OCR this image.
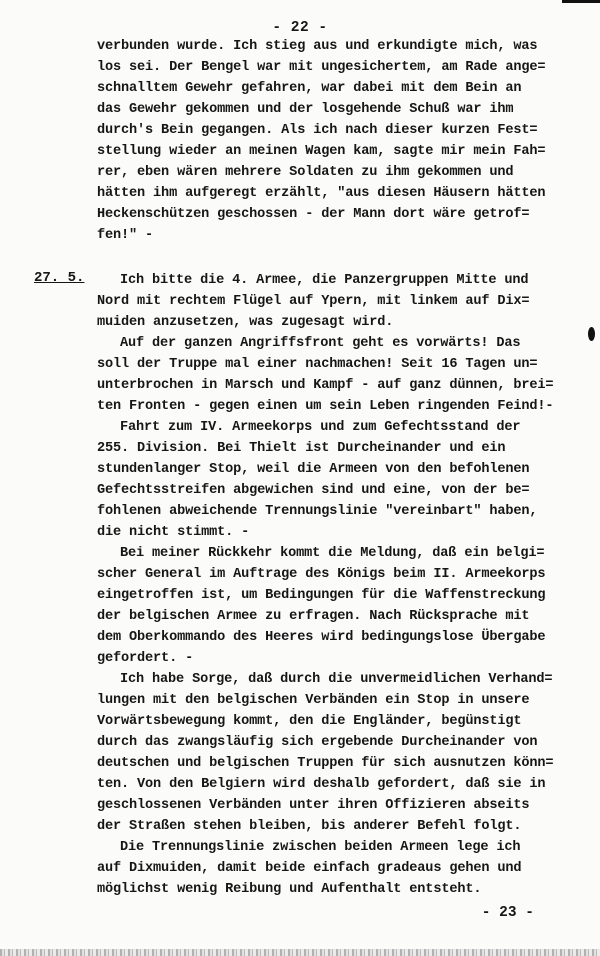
- 22 -
verbunden wurde. Ich stieg aus und erkundigte mich, was
los sei. Der Bengel war mit ungesichertem, am Rade ange=
schnalltem Gewehr gefahren, war dabei mit dem Bein an
das Gewehr gekommen und der losgehende Schuß war ihm
durch's Bein gegangen. Als ich nach dieser kurzen Fest=
stellung wieder an meinen Wagen kam, sagte mir mein Fah=
rer, eben wären mehrere Soldaten zu ihm gekommen und
hätten ihm aufgeregt erzählt, "aus diesen Häusern hätten
Heckenschützen geschossen - der Mann dort wäre getrof=
fen!" -
27. 5.	Ich bitte die 4. Armee, die Panzergruppen Mitte und
Nord mit rechtem Flügel auf Ypern, mit linkem auf Dix=
muiden anzusetzen, was zugesagt wird.
Auf der ganzen Angriffsfront geht es vorwärts! Das
soll der Truppe mal einer nachmachen! Seit 16 Tagen un=
unterbrochen in Marsch und Kampf - auf ganz dünnen, brei=
ten Fronten - gegen einen um sein Leben ringenden Feind!-
Fahrt zum IV. Armeekorps und zum Gefechtsstand der
255. Division. Bei Thielt ist Durcheinander und ein
stundenlanger Stop, weil die Armeen von den befohlenen
Gefechtsstreifen abgewichen sind und eine, von der be=
fohlenen abweichende Trennungslinie "vereinbart" haben,
die nicht stimmt. -
Bei meiner Rückkehr kommt die Meldung, daß ein belgi=
scher General im Auftrage des Königs beim II. Armeekorps
eingetroffen ist, um Bedingungen für die Waffenstreckung
der belgischen Armee zu erfragen. Nach Rücksprache mit
dem Oberkommando des Heeres wird bedingungslose Übergabe
gefordert. -
Ich habe Sorge, daß durch die unvermeidlichen Verhand=
lungen mit den belgischen Verbänden ein Stop in unsere
Vorwärtsbewegung kommt, den die Engländer, begünstigt
durch das zwangsläufig sich ergebende Durcheinander von
deutschen und belgischen Truppen für sich ausnutzen könn=
ten. Von den Belgiern wird deshalb gefordert, daß sie in
geschlossenen Verbänden unter ihren Offizieren abseits
der Straßen stehen bleiben, bis anderer Befehl folgt.
Die Trennungslinie zwischen beiden Armeen lege ich
auf Dixmuiden, damit beide einfach gradeaus gehen und
möglichst wenig Reibung und Aufenthalt entsteht.
- 23 -
